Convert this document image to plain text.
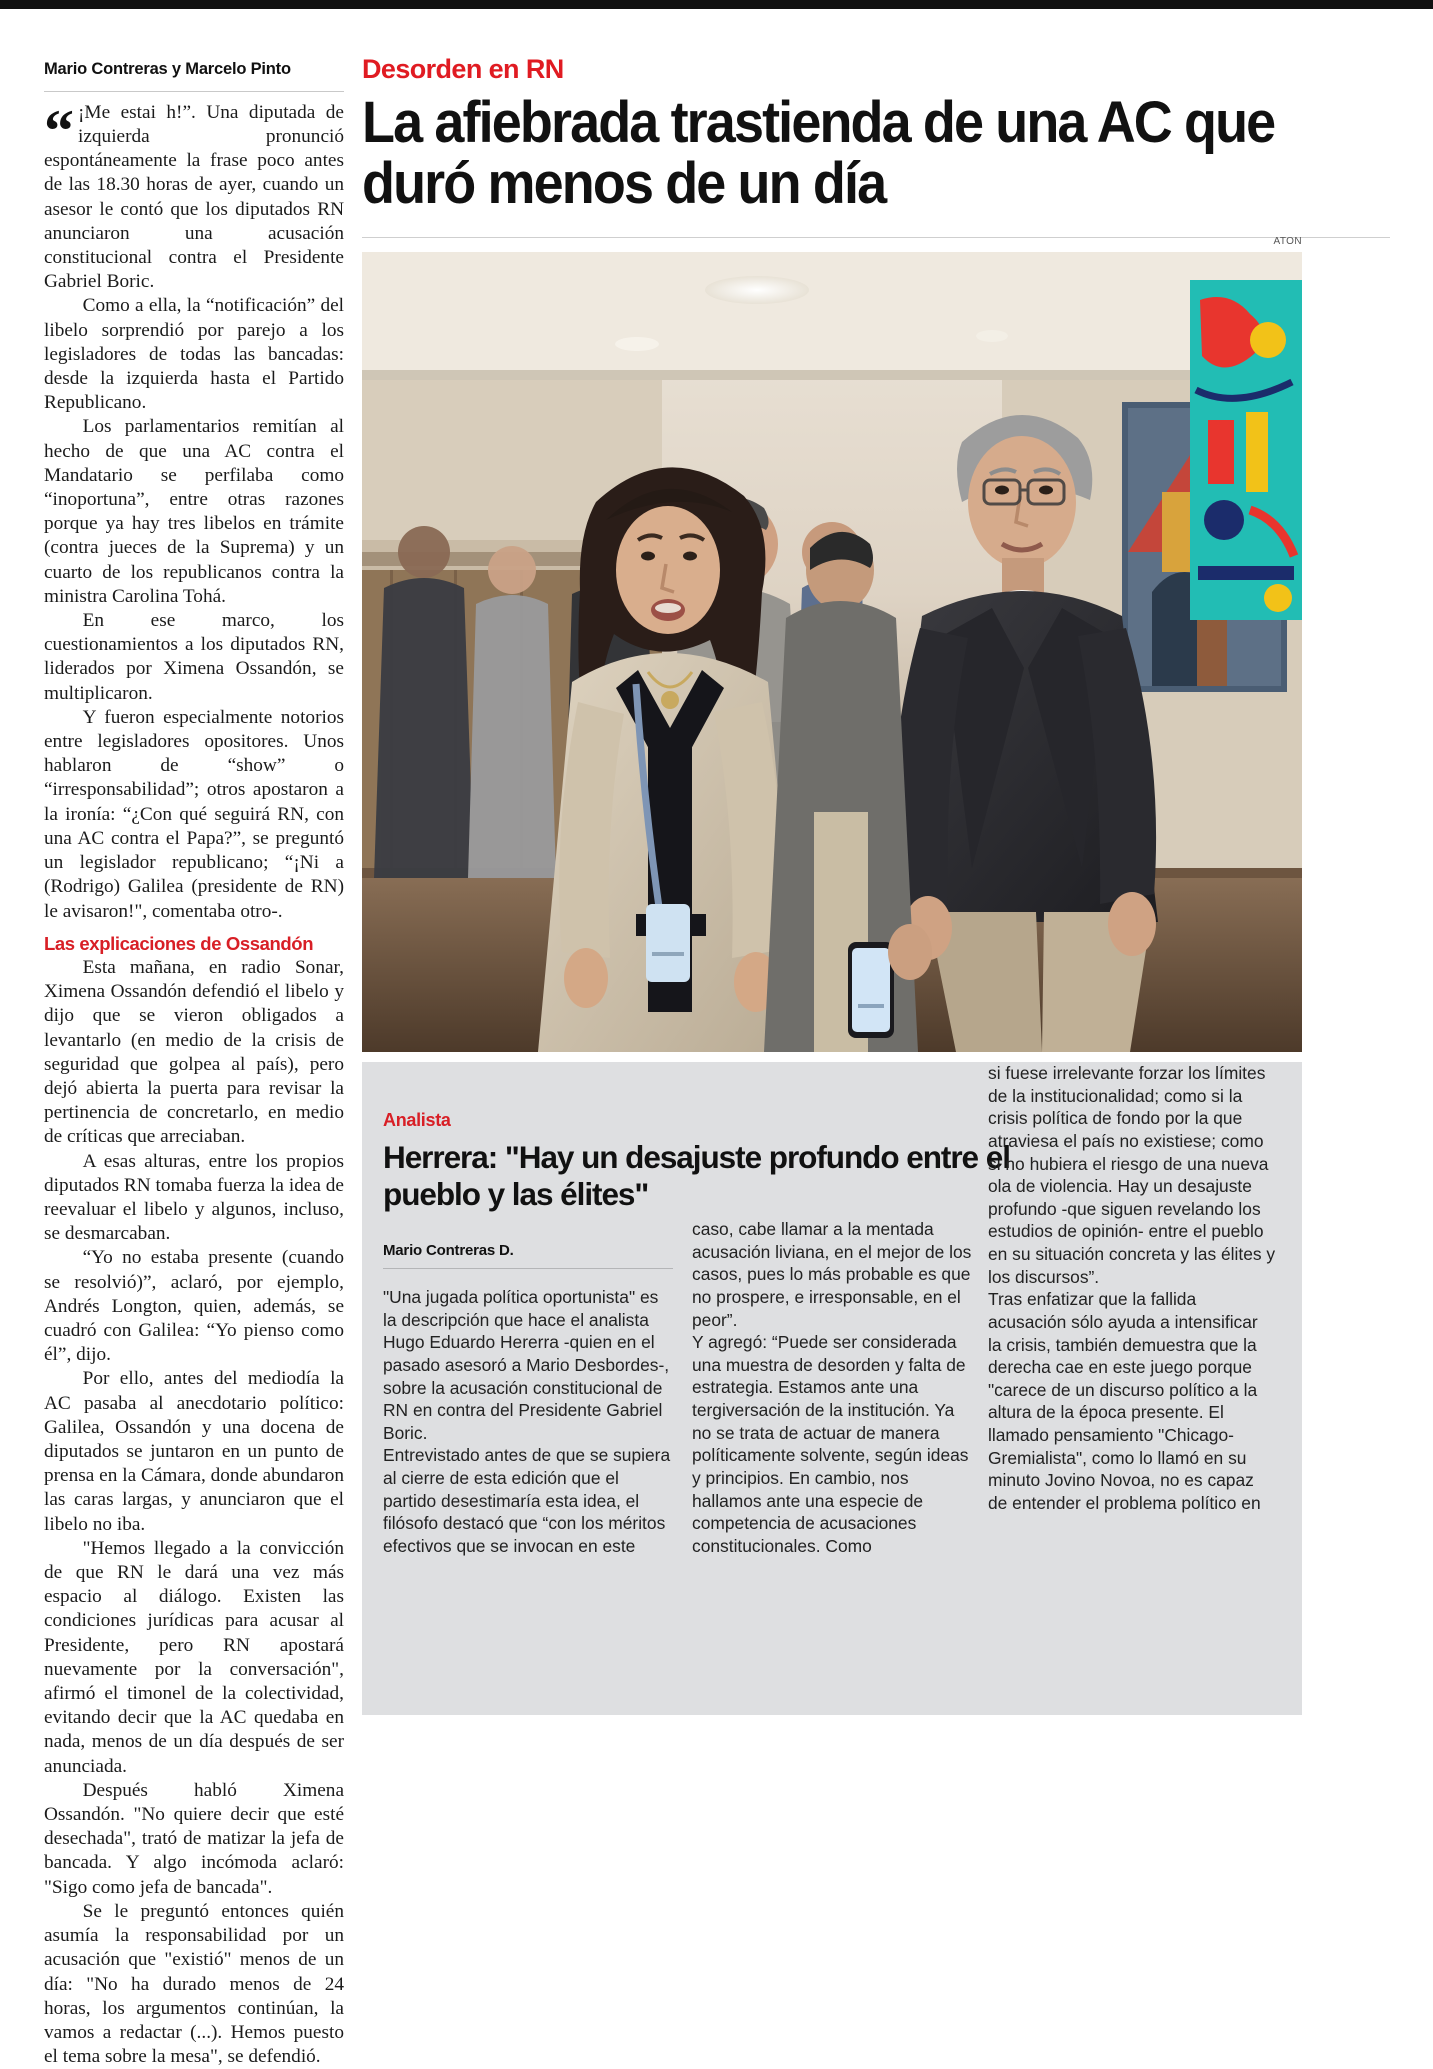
Mario Contreras y Marcelo Pinto

“ ¡Me estai h!”. Una diputada de izquierda pronunció espontáneamente la frase poco antes de las 18.30 horas de ayer, cuando un asesor le contó que los diputados RN anunciaron una acusación constitucional contra el Presidente Gabriel Boric.

Como a ella, la “notificación” del libelo sorprendió por parejo a los legisladores de todas las bancadas: desde la izquierda hasta el Partido Republicano.

Los parlamentarios remitían al hecho de que una AC contra el Mandatario se perfilaba como “inoportuna”, entre otras razones porque ya hay tres libelos en trámite (contra jueces de la Suprema) y un cuarto de los republicanos contra la ministra Carolina Tohá.

En ese marco, los cuestionamientos a los diputados RN, liderados por Ximena Ossandón, se multiplicaron.

Y fueron especialmente notorios entre legisladores opositores. Unos hablaron de “show” o “irresponsabilidad”; otros apostaron a la ironía: “¿Con qué seguirá RN, con una AC contra el Papa?”, se preguntó un legislador republicano; “¡Ni a (Rodrigo) Galilea (presidente de RN) le avisaron!", comentaba otro-.

Las explicaciones de Ossandón

Esta mañana, en radio Sonar, Ximena Ossandón defendió el libelo y dijo que se vieron obligados a levantarlo (en medio de la crisis de seguridad que golpea al país), pero dejó abierta la puerta para revisar la pertinencia de concretarlo, en medio de críticas que arreciaban.

A esas alturas, entre los propios diputados RN tomaba fuerza la idea de reevaluar el libelo y algunos, incluso, se desmarcaban.

“Yo no estaba presente (cuando se resolvió)”, aclaró, por ejemplo, Andrés Longton, quien, además, se cuadró con Galilea: “Yo pienso como él”, dijo.

Por ello, antes del mediodía la AC pasaba al anecdotario político: Galilea, Ossandón y una docena de diputados se juntaron en un punto de prensa en la Cámara, donde abundaron las caras largas, y anunciaron que el libelo no iba.

"Hemos llegado a la convicción de que RN le dará una vez más espacio al diálogo. Existen las condiciones jurídicas para acusar al Presidente, pero RN apostará nuevamente por la conversación", afirmó el timonel de la colectividad, evitando decir que la AC quedaba en nada, menos de un día después de ser anunciada.

Después habló Ximena Ossandón. "No quiere decir que esté desechada", trató de matizar la jefa de bancada. Y algo incómoda aclaró: "Sigo como jefa de bancada".

Se le preguntó entonces quién asumía la responsabilidad por un acusación que "existió" menos de un día: "No ha durado menos de 24 horas, los argumentos continúan, la vamos a redactar (...). Hemos puesto el tema sobre la mesa", se defendió.

Desorden en RN
La afiebrada trastienda de una AC que duró menos de un día
ATON
Analista
Herrera: "Hay un desajuste profundo entre el pueblo y las élites"
Mario Contreras D.

"Una jugada política oportunista" es la descripción que hace el analista Hugo Eduardo Hererra -quien en el pasado asesoró a Mario Desbordes-, sobre la acusación constitucional de RN en contra del Presidente Gabriel Boric.

Entrevistado antes de que se supiera al cierre de esta edición que el partido desestimaría esta idea, el filósofo destacó que “con los méritos efectivos que se invocan en este

caso, cabe llamar a la mentada acusación liviana, en el mejor de los casos, pues lo más probable es que no prospere, e irresponsable, en el peor”.

Y agregó: “Puede ser considerada una muestra de desorden y falta de estrategia. Estamos ante una tergiversación de la institución. Ya no se trata de actuar de manera políticamente solvente, según ideas y principios. En cambio, nos hallamos ante una especie de competencia de acusaciones constitucionales. Como

si fuese irrelevante forzar los límites de la institucionalidad; como si la crisis política de fondo por la que atraviesa el país no existiese; como si no hubiera el riesgo de una nueva ola de violencia. Hay un desajuste profundo -que siguen revelando los estudios de opinión- entre el pueblo en su situación concreta y las élites y los discursos”.

Tras enfatizar que la fallida acusación sólo ayuda a intensificar la crisis, también demuestra que la derecha cae en este juego porque "carece de un discurso político a la altura de la época presente. El llamado pensamiento "Chicago-Gremialista", como lo llamó en su minuto Jovino Novoa, no es capaz de entender el problema político en
